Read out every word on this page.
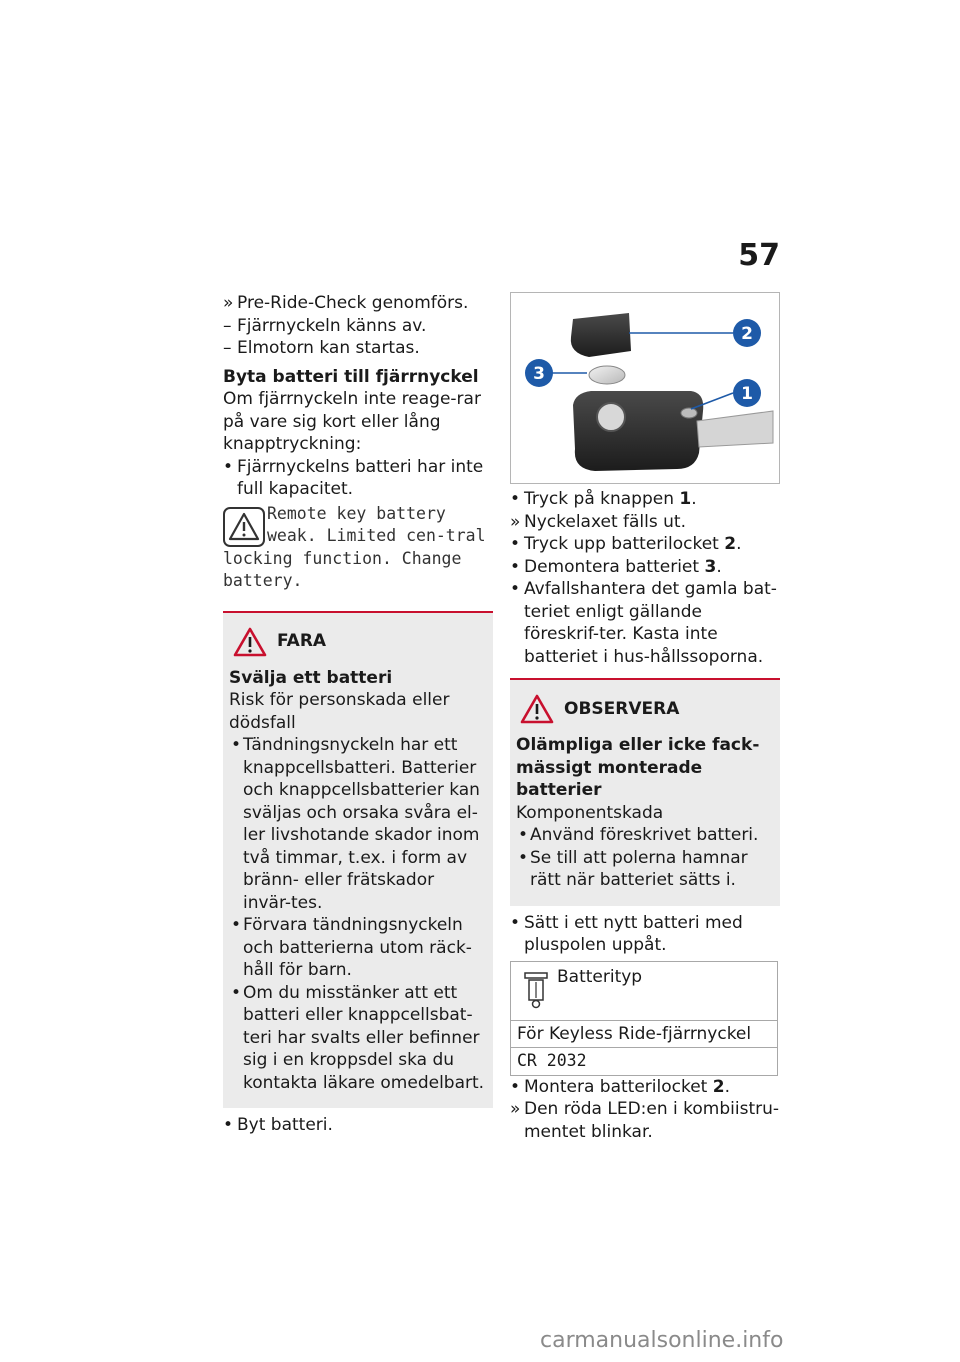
57
» Pre-Ride-Check genomförs.
– Fjärrnyckeln känns av.
– Elmotorn kan startas.
Byta batteri till fjärrnyckel
Om fjärrnyckeln inte reage-rar på vare sig kort eller lång knapptryckning:
• Fjärrnyckelns batteri har inte full kapacitet.
Remote key battery weak. Limited cen-tral locking function. Change battery.
FARA
Svälja ett batteri
Risk för personskada eller dödsfall
• Tändningsnyckeln har ett knappcellsbatteri. Batterier och knappcellsbatterier kan sväljas och orsaka svåra el-ler livshotande skador inom två timmar, t.ex. i form av bränn- eller frätskador invär-tes.
• Förvara tändningsnyckeln och batterierna utom räck-håll för barn.
• Om du misstänker att ett batteri eller knappcellsbat-teri har svalts eller befinner sig i en kroppsdel ska du kontakta läkare omedelbart.
• Byt batteri.
2
3
1
• Tryck på knappen 1.
» Nyckelaxet fälls ut.
• Tryck upp batterilocket 2.
• Demontera batteriet 3.
• Avfallshantera det gamla bat-teriet enligt gällande föreskrif-ter. Kasta inte batteriet i hus-hållssoporna.
OBSERVERA
Olämpliga eller icke fack-mässigt monterade batterier
Komponentskada
• Använd föreskrivet batteri.
• Se till att polerna hamnar rätt när batteriet sätts i.
• Sätt i ett nytt batteri med pluspolen uppåt.
Batterityp

För Keyless Ride-fjärrnyckel
CR 2032
• Montera batterilocket 2.
» Den röda LED:en i kombiistru-mentet blinkar.
carmanualsonline.info
